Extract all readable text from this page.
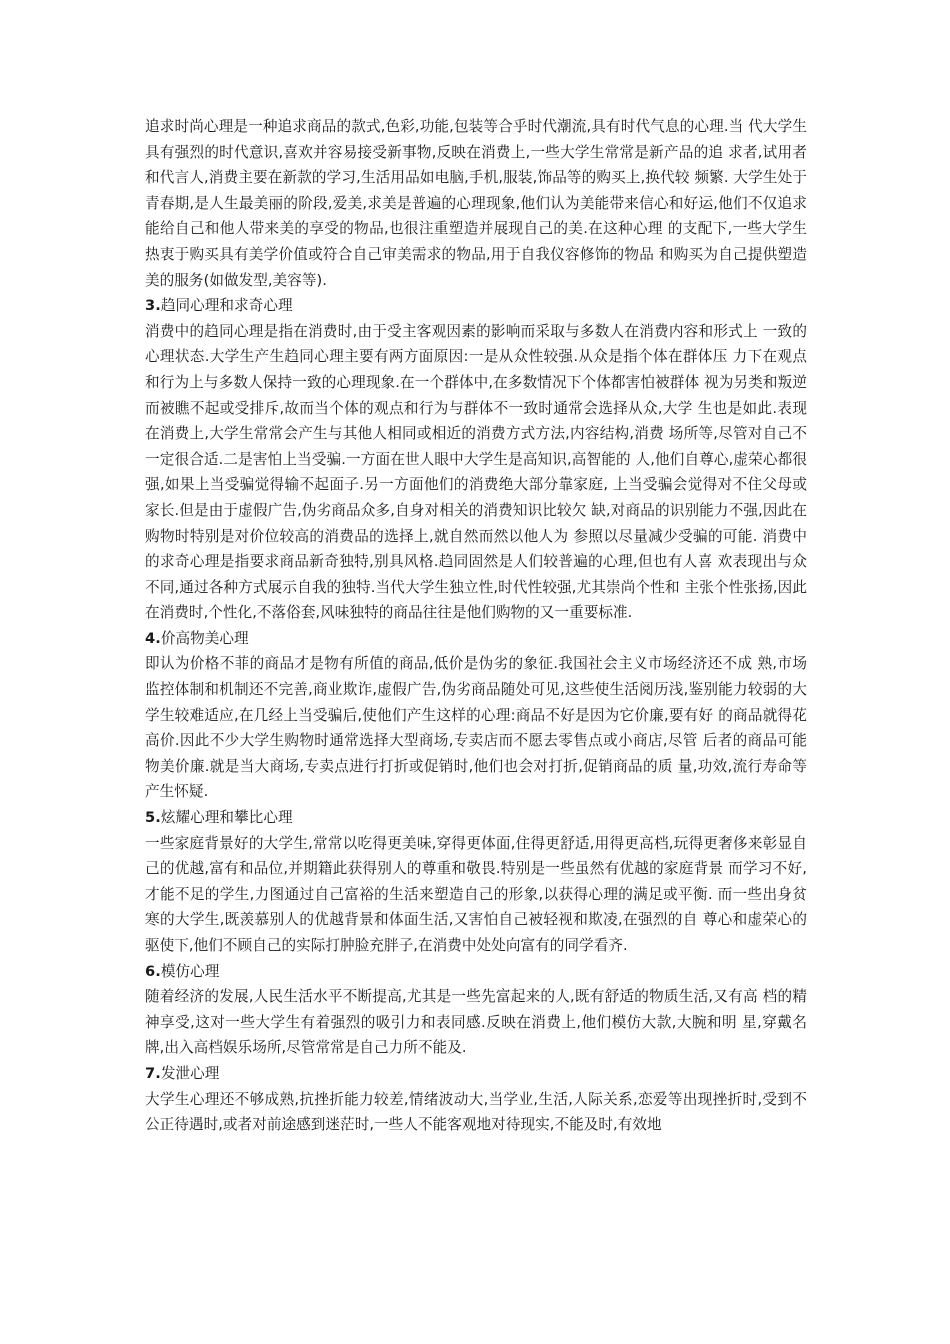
追求时尚心理是一种追求商品的款式,色彩,功能,包装等合乎时代潮流,具有时代气息的心理.当 代大学生具有强烈的时代意识,喜欢并容易接受新事物,反映在消费上,一些大学生常常是新产品的追 求者,试用者和代言人,消费主要在新款的学习,生活用品如电脑,手机,服装,饰品等的购买上,换代较 频繁. 大学生处于青春期,是人生最美丽的阶段,爱美,求美是普遍的心理现象,他们认为美能带来信心和好运,他们不仅追求能给自己和他人带来美的享受的物品,也很注重塑造并展现自己的美.在这种心理 的支配下,一些大学生热衷于购买具有美学价值或符合自己审美需求的物品,用于自我仪容修饰的物品 和购买为自己提供塑造美的服务(如做发型,美容等).

3.趋同心理和求奇心理

消费中的趋同心理是指在消费时,由于受主客观因素的影响而采取与多数人在消费内容和形式上 一致的心理状态.大学生产生趋同心理主要有两方面原因:一是从众性较强.从众是指个体在群体压 力下在观点和行为上与多数人保持一致的心理现象.在一个群体中,在多数情况下个体都害怕被群体 视为另类和叛逆而被瞧不起或受排斥,故而当个体的观点和行为与群体不一致时通常会选择从众,大学 生也是如此.表现在消费上,大学生常常会产生与其他人相同或相近的消费方式方法,内容结构,消费 场所等,尽管对自己不一定很合适.二是害怕上当受骗.一方面在世人眼中大学生是高知识,高智能的 人,他们自尊心,虚荣心都很强,如果上当受骗觉得输不起面子.另一方面他们的消费绝大部分靠家庭, 上当受骗会觉得对不住父母或家长.但是由于虚假广告,伪劣商品众多,自身对相关的消费知识比较欠 缺,对商品的识别能力不强,因此在购物时特别是对价位较高的消费品的选择上,就自然而然以他人为 参照以尽量减少受骗的可能. 消费中的求奇心理是指要求商品新奇独特,别具风格.趋同固然是人们较普遍的心理,但也有人喜 欢表现出与众不同,通过各种方式展示自我的独特.当代大学生独立性,时代性较强,尤其崇尚个性和 主张个性张扬,因此在消费时,个性化,不落俗套,风味独特的商品往往是他们购物的又一重要标准.

4.价高物美心理

即认为价格不菲的商品才是物有所值的商品,低价是伪劣的象征.我国社会主义市场经济还不成 熟,市场监控体制和机制还不完善,商业欺诈,虚假广告,伪劣商品随处可见,这些使生活阅历浅,鉴别能力较弱的大学生较难适应,在几经上当受骗后,使他们产生这样的心理:商品不好是因为它价廉,要有好 的商品就得花高价.因此不少大学生购物时通常选择大型商场,专卖店而不愿去零售点或小商店,尽管 后者的商品可能物美价廉.就是当大商场,专卖点进行打折或促销时,他们也会对打折,促销商品的质 量,功效,流行寿命等产生怀疑.

5.炫耀心理和攀比心理

一些家庭背景好的大学生,常常以吃得更美味,穿得更体面,住得更舒适,用得更高档,玩得更奢侈来彰显自己的优越,富有和品位,并期籍此获得别人的尊重和敬畏.特别是一些虽然有优越的家庭背景 而学习不好,才能不足的学生,力图通过自己富裕的生活来塑造自己的形象,以获得心理的满足或平衡. 而一些出身贫寒的大学生,既羡慕别人的优越背景和体面生活,又害怕自己被轻视和欺凌,在强烈的自 尊心和虚荣心的驱使下,他们不顾自己的实际打肿脸充胖子,在消费中处处向富有的同学看齐.

6.模仿心理

随着经济的发展,人民生活水平不断提高,尤其是一些先富起来的人,既有舒适的物质生活,又有高 档的精神享受,这对一些大学生有着强烈的吸引力和表同感.反映在消费上,他们模仿大款,大腕和明 星,穿戴名牌,出入高档娱乐场所,尽管常常是自己力所不能及.

7.发泄心理

大学生心理还不够成熟,抗挫折能力较差,情绪波动大,当学业,生活,人际关系,恋爱等出现挫折时,受到不公正待遇时,或者对前途感到迷茫时,一些人不能客观地对待现实,不能及时,有效地
